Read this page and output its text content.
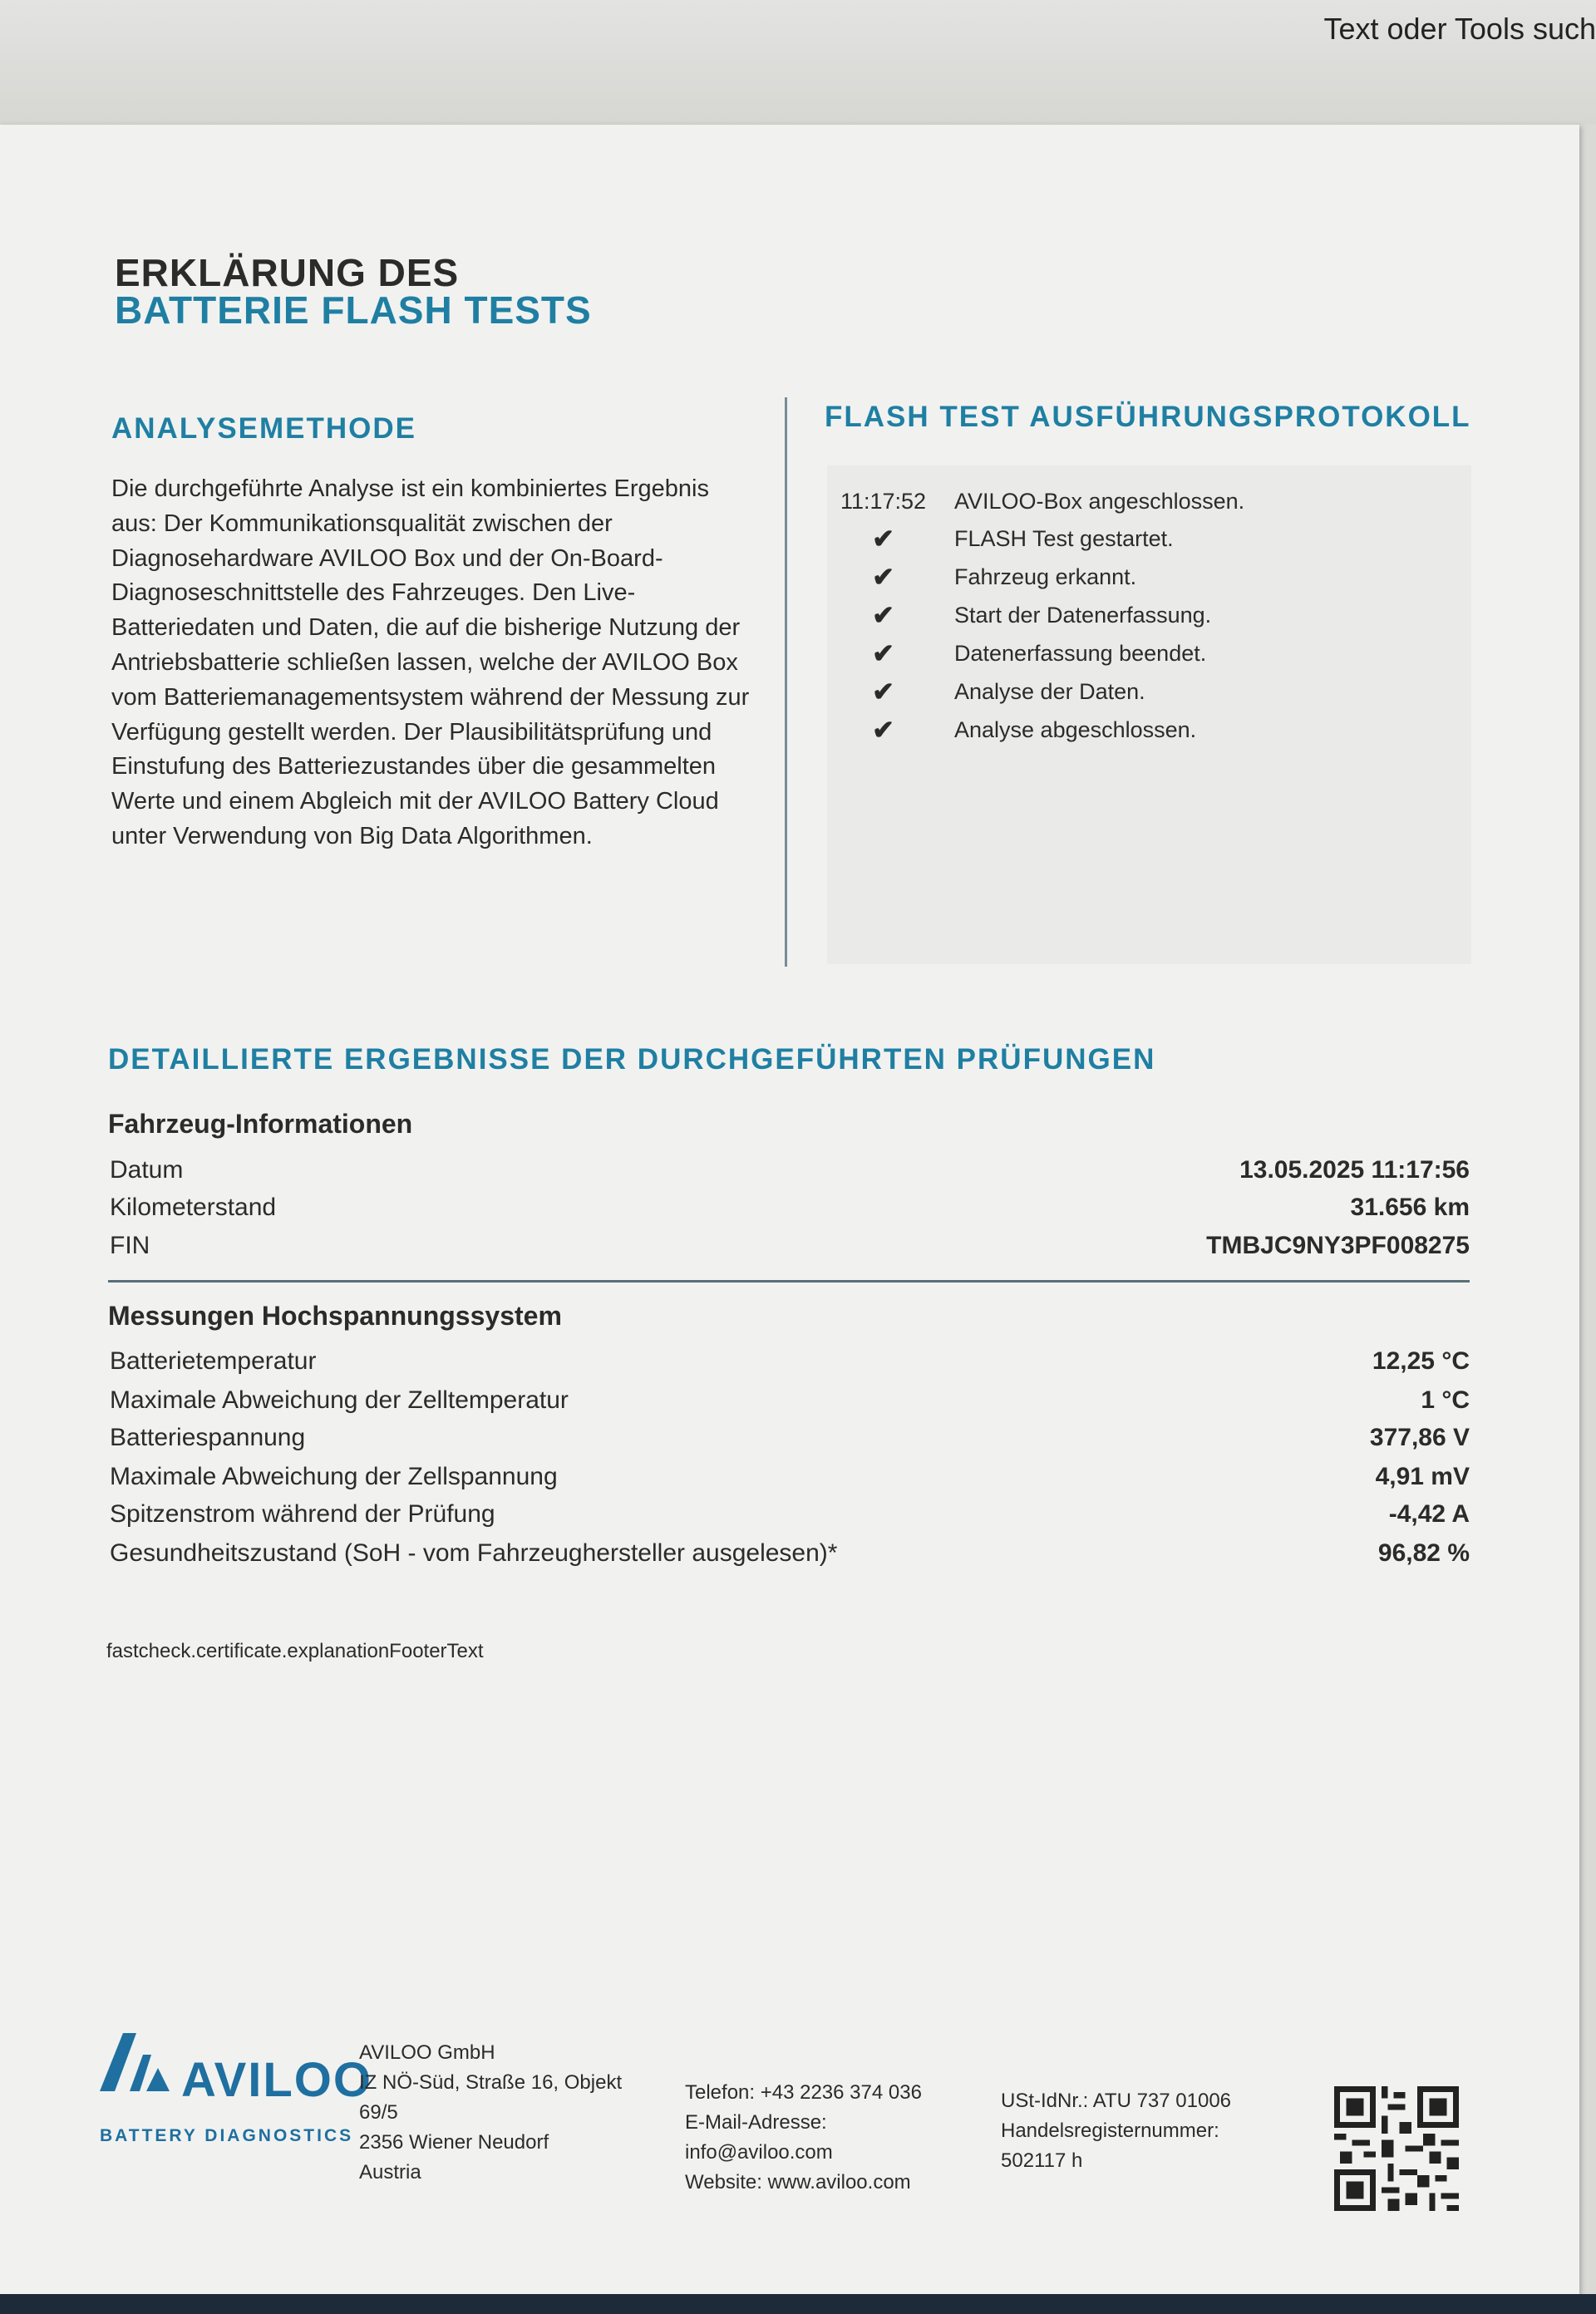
Text oder Tools such
ERKLÄRUNG DES
BATTERIE FLASH TESTS
ANALYSEMETHODE
Die durchgeführte Analyse ist ein kombiniertes Ergebnis aus: Der Kommunikationsqualität zwischen der Diagnosehardware AVILOO Box und der On-Board-Diagnoseschnittstelle des Fahrzeuges. Den Live-Batteriedaten und Daten, die auf die bisherige Nutzung der Antriebsbatterie schließen lassen, welche der AVILOO Box vom Batteriemanagementsystem während der Messung zur Verfügung gestellt werden. Der Plausibilitätsprüfung und Einstufung des Batteriezustandes über die gesammelten Werte und einem Abgleich mit der AVILOO Battery Cloud unter Verwendung von Big Data Algorithmen.
FLASH TEST AUSFÜHRUNGSPROTOKOLL
11:17:52 AVILOO-Box angeschlossen.
✔	FLASH Test gestartet.
✔	Fahrzeug erkannt.
✔	Start der Datenerfassung.
✔	Datenerfassung beendet.
✔	Analyse der Daten.
✔	Analyse abgeschlossen.
DETAILLIERTE ERGEBNISSE DER DURCHGEFÜHRTEN PRÜFUNGEN
Fahrzeug-Informationen
Datum	13.05.2025 11:17:56
Kilometerstand	31.656 km
FIN	TMBJC9NY3PF008275
Messungen Hochspannungssystem
Batterietemperatur	12,25 °C
Maximale Abweichung der Zelltemperatur	1 °C
Batteriespannung	377,86 V
Maximale Abweichung der Zellspannung	4,91 mV
Spitzenstrom während der Prüfung	-4,42 A
Gesundheitszustand (SoH - vom Fahrzeughersteller ausgelesen)*	96,82 %
fastcheck.certificate.explanationFooterText
AVILOO
BATTERY DIAGNOSTICS
AVILOO GmbH
IZ NÖ-Süd, Straße 16, Objekt
69/5
2356 Wiener Neudorf
Austria
Telefon: +43 2236 374 036
E-Mail-Adresse:
info@aviloo.com
Website: www.aviloo.com
USt-IdNr.: ATU 737 01006
Handelsregisternummer:
502117 h
